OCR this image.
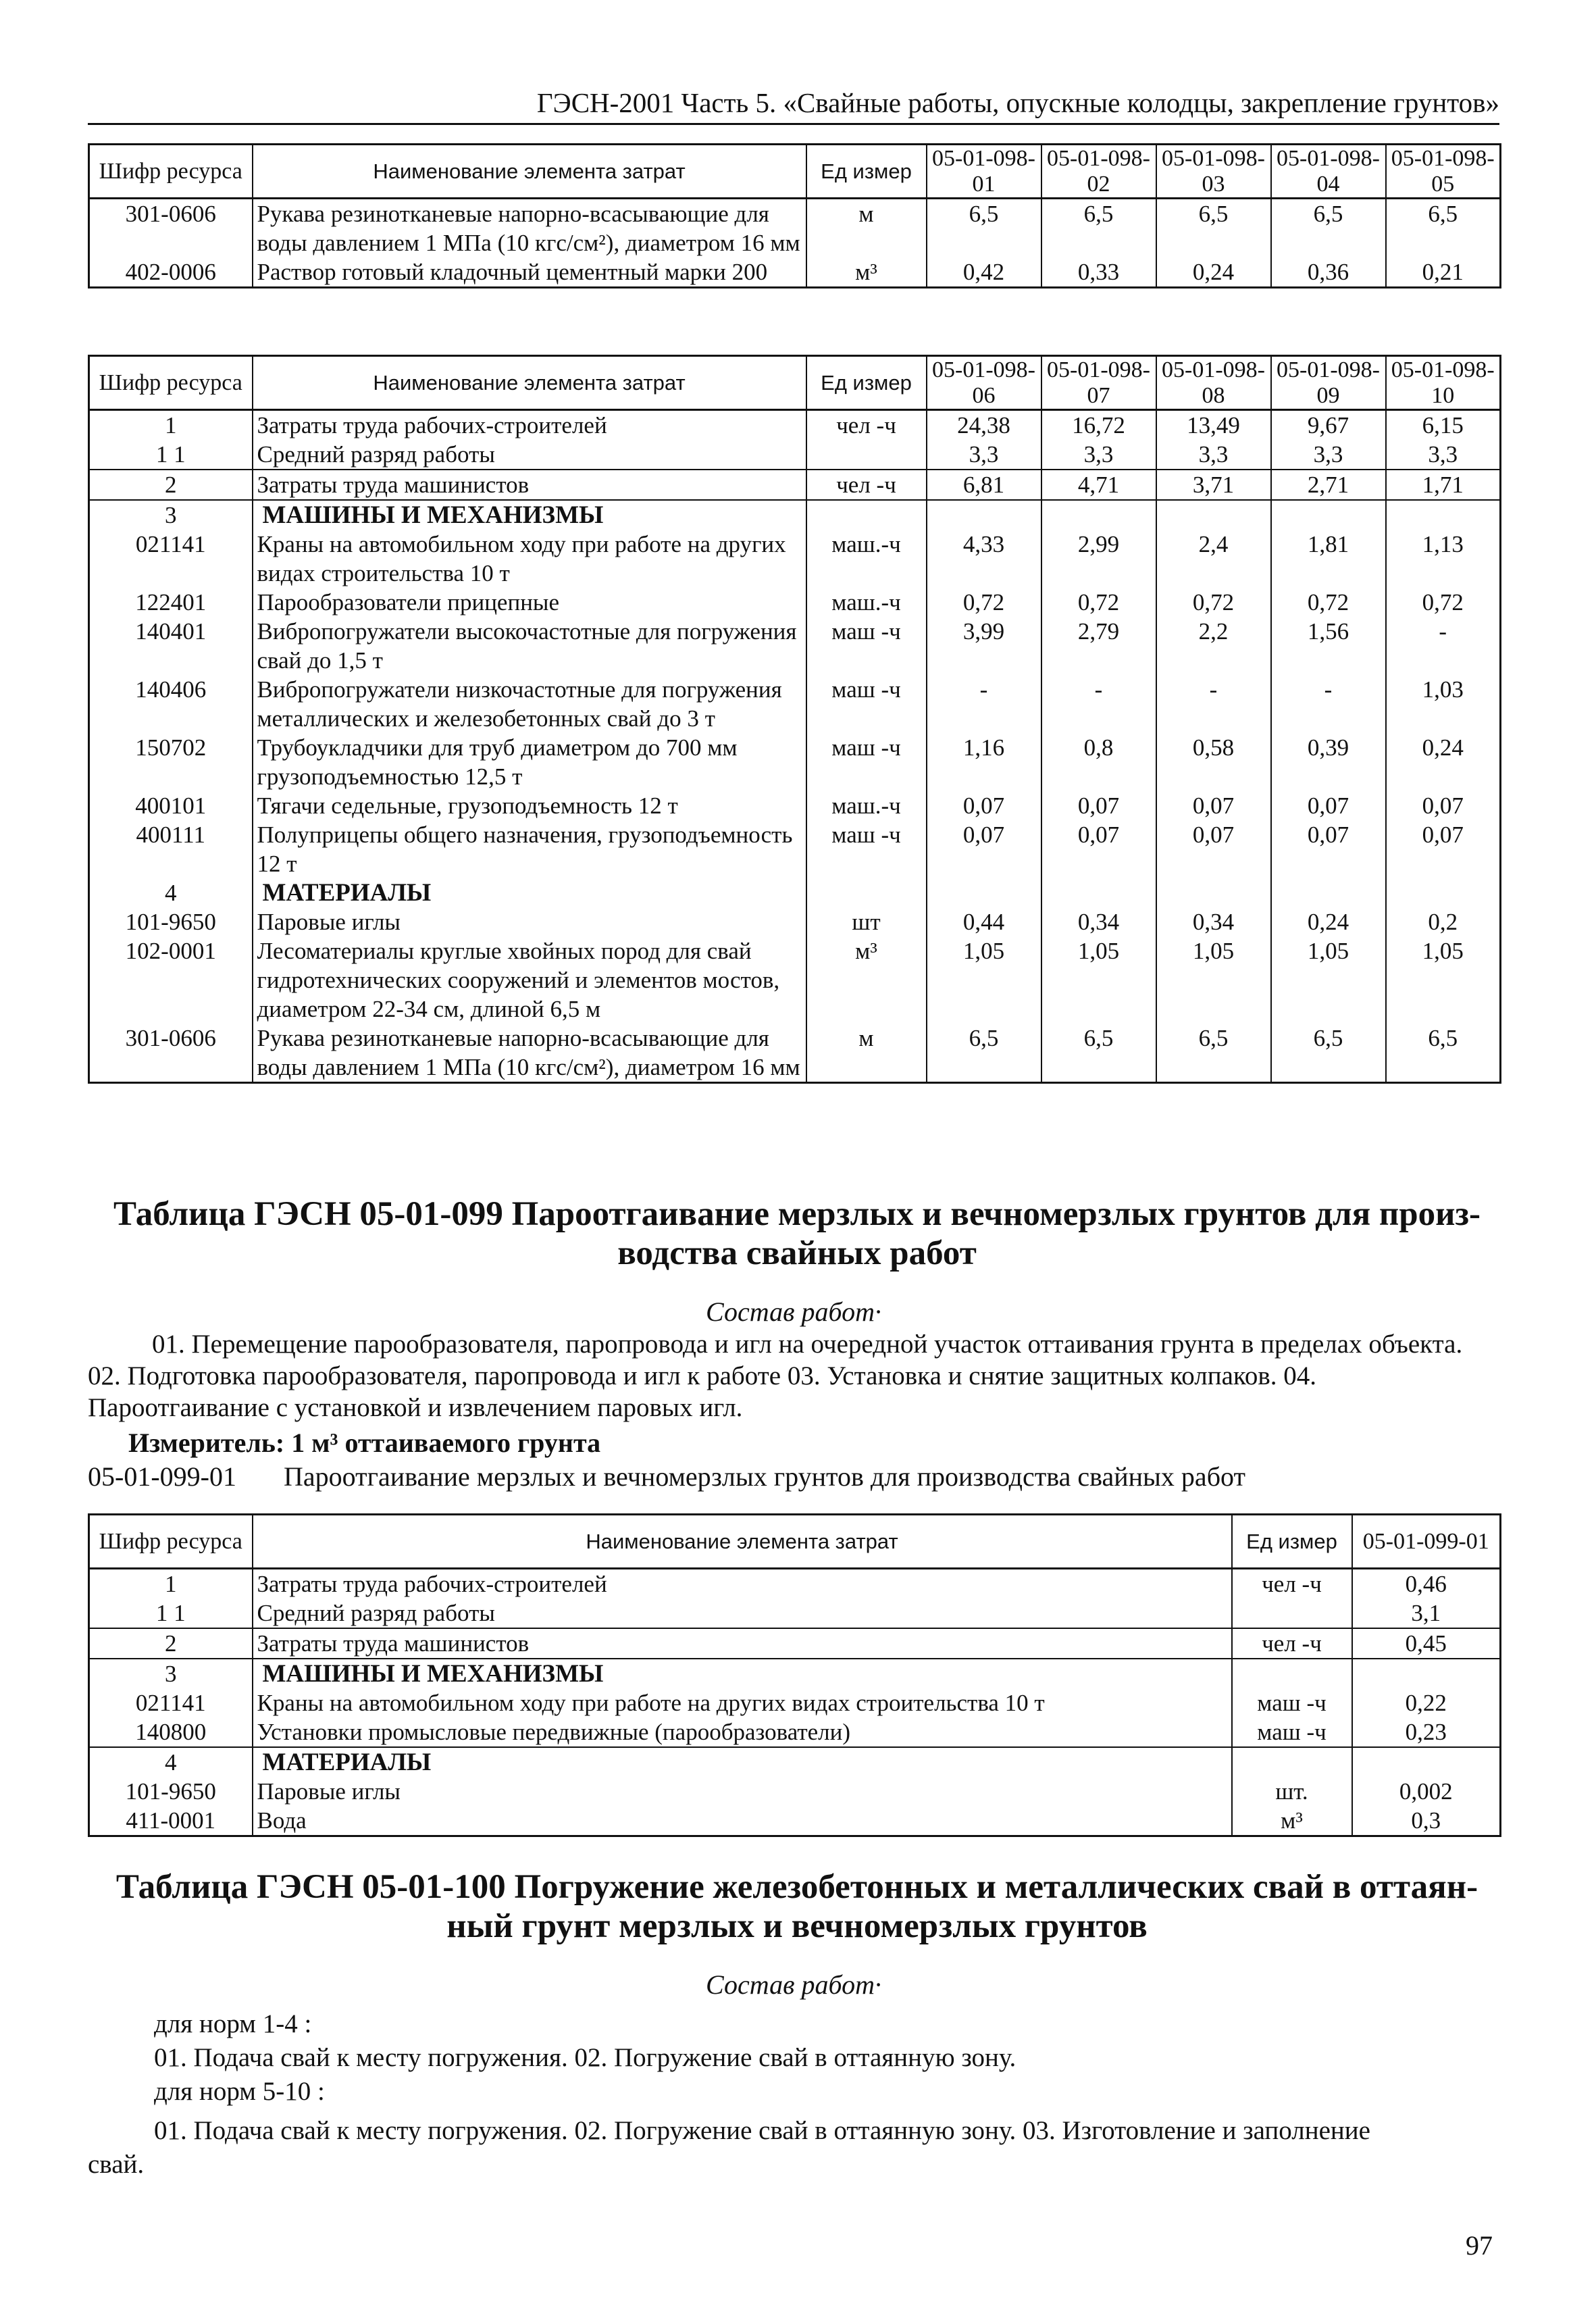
ГЭСН-2001 Часть 5. «Свайные работы, опускные колодцы, закрепление грунтов»
Шифр ресурса	Наименование элемента затрат	Ед измер	05-01-098-01	05-01-098-02	05-01-098-03	05-01-098-04	05-01-098-05
301-0606	Рукава резинотканевые напорно-всасывающие для воды давлением 1 МПа (10 кгс/см²), диаметром 16 мм	м	6,5	6,5	6,5	6,5	6,5
402-0006	Раствор готовый кладочный цементный марки 200	м³	0,42	0,33	0,24	0,36	0,21
Шифр ресурса	Наименование элемента затрат	Ед измер	05-01-098-06	05-01-098-07	05-01-098-08	05-01-098-09	05-01-098-10
1	Затраты труда рабочих-строителей	чел -ч	24,38	16,72	13,49	9,67	6,15
1 1	Средний разряд работы		3,3	3,3	3,3	3,3	3,3
2	Затраты труда машинистов	чел -ч	6,81	4,71	3,71	2,71	1,71
3	МАШИНЫ И МЕХАНИЗМЫ						
021141	Краны на автомобильном ходу при работе на других видах строительства 10 т	маш.-ч	4,33	2,99	2,4	1,81	1,13
122401	Парообразователи прицепные	маш.-ч	0,72	0,72	0,72	0,72	0,72
140401	Вибропогружатели высокочастотные для погружения свай до 1,5 т	маш -ч	3,99	2,79	2,2	1,56	-
140406	Вибропогружатели низкочастотные для погружения металлических и железобетонных свай до 3 т	маш -ч	-	-	-	-	1,03
150702	Трубоукладчики для труб диаметром до 700 мм грузоподъемностью 12,5 т	маш -ч	1,16	0,8	0,58	0,39	0,24
400101	Тягачи седельные, грузоподъемность 12 т	маш.-ч	0,07	0,07	0,07	0,07	0,07
400111	Полуприцепы общего назначения, грузоподъемность 12 т	маш -ч	0,07	0,07	0,07	0,07	0,07
4	МАТЕРИАЛЫ						
101-9650	Паровые иглы	шт	0,44	0,34	0,34	0,24	0,2
102-0001	Лесоматериалы круглые хвойных пород для свай гидротехнических сооружений и элементов мостов, диаметром 22-34 см, длиной 6,5 м	м³	1,05	1,05	1,05	1,05	1,05
301-0606	Рукава резинотканевые напорно-всасывающие для воды давлением 1 МПа (10 кгс/см²), диаметром 16 мм	м	6,5	6,5	6,5	6,5	6,5
Таблица ГЭСН 05-01-099 Пароотгаивание мерзлых и вечномерзлых грунтов для произ-
водства свайных работ
Состав работ·
01. Перемещение парообразователя, паропровода и игл на очередной участок оттаивания грунта в пределах объекта. 02. Подготовка парообразователя, паропровода и игл к работе 03. Установка и снятие защитных колпаков. 04. Пароотгаивание с установкой и извлечением паровых игл.
Измеритель: 1 м³ оттаиваемого грунта
05-01-099-01 Пароотгаивание мерзлых и вечномерзлых грунтов для производства свайных работ
Шифр ресурса	Наименование элемента затрат	Ед измер	05-01-099-01
1	Затраты труда рабочих-строителей	чел -ч	0,46
1 1	Средний разряд работы		3,1
2	Затраты труда машинистов	чел -ч	0,45
3	МАШИНЫ И МЕХАНИЗМЫ		
021141	Краны на автомобильном ходу при работе на других видах строительства 10 т	маш -ч	0,22
140800	Установки промысловые передвижные (парообразователи)	маш -ч	0,23
4	МАТЕРИАЛЫ		
101-9650	Паровые иглы	шт.	0,002
411-0001	Вода	м³	0,3
Таблица ГЭСН 05-01-100 Погружение железобетонных и металлических свай в оттаян-
ный грунт мерзлых и вечномерзлых грунтов
Состав работ·
для норм 1-4 :
01. Подача свай к месту погружения. 02. Погружение свай в оттаянную зону.
для норм 5-10 :
01. Подача свай к месту погружения. 02. Погружение свай в оттаянную зону. 03. Изготовление и заполнение
свай.
97
